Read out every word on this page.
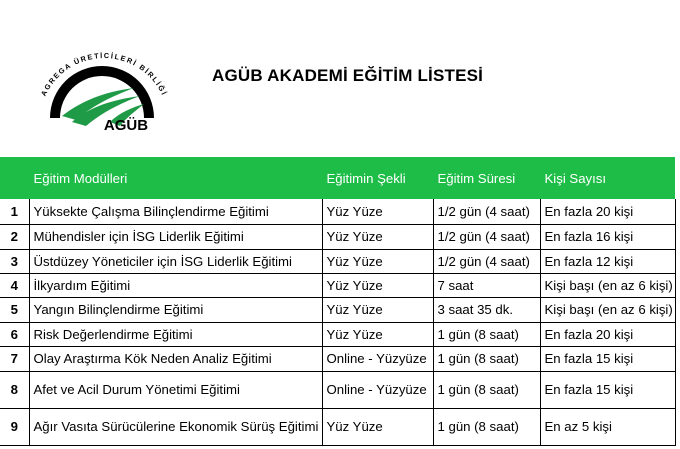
AGREGA ÜRETİCİLERİ BİRLİĞİ
AGÜB
AGÜB AKADEMİ EĞİTİM LİSTESİ
	Eğitim Modülleri	Eğitimin Şekli	Eğitim Süresi	Kişi Sayısı
1	Yüksekte Çalışma Bilinçlendirme Eğitimi	Yüz Yüze	1/2 gün (4 saat)	En fazla 20 kişi
2	Mühendisler için İSG Liderlik Eğitimi	Yüz Yüze	1/2 gün (4 saat)	En fazla 16 kişi
3	Üstdüzey Yöneticiler için İSG Liderlik Eğitimi	Yüz Yüze	1/2 gün (4 saat)	En fazla 12 kişi
4	İlkyardım Eğitimi	Yüz Yüze	7 saat	Kişi başı (en az 6 kişi)
5	Yangın Bilinçlendirme Eğitimi	Yüz Yüze	3 saat 35 dk.	Kişi başı (en az 6 kişi)
6	Risk Değerlendirme Eğitimi	Yüz Yüze	1 gün (8 saat)	En fazla 20 kişi
7	Olay Araştırma Kök Neden Analiz Eğitimi	Online - Yüzyüze	1 gün (8 saat)	En fazla 15 kişi
8	Afet ve Acil Durum Yönetimi Eğitimi	Online - Yüzyüze	1 gün (8 saat)	En fazla 15 kişi
9	Ağır Vasıta Sürücülerine Ekonomik Sürüş Eğitimi	Yüz Yüze	1 gün (8 saat)	En az 5 kişi
